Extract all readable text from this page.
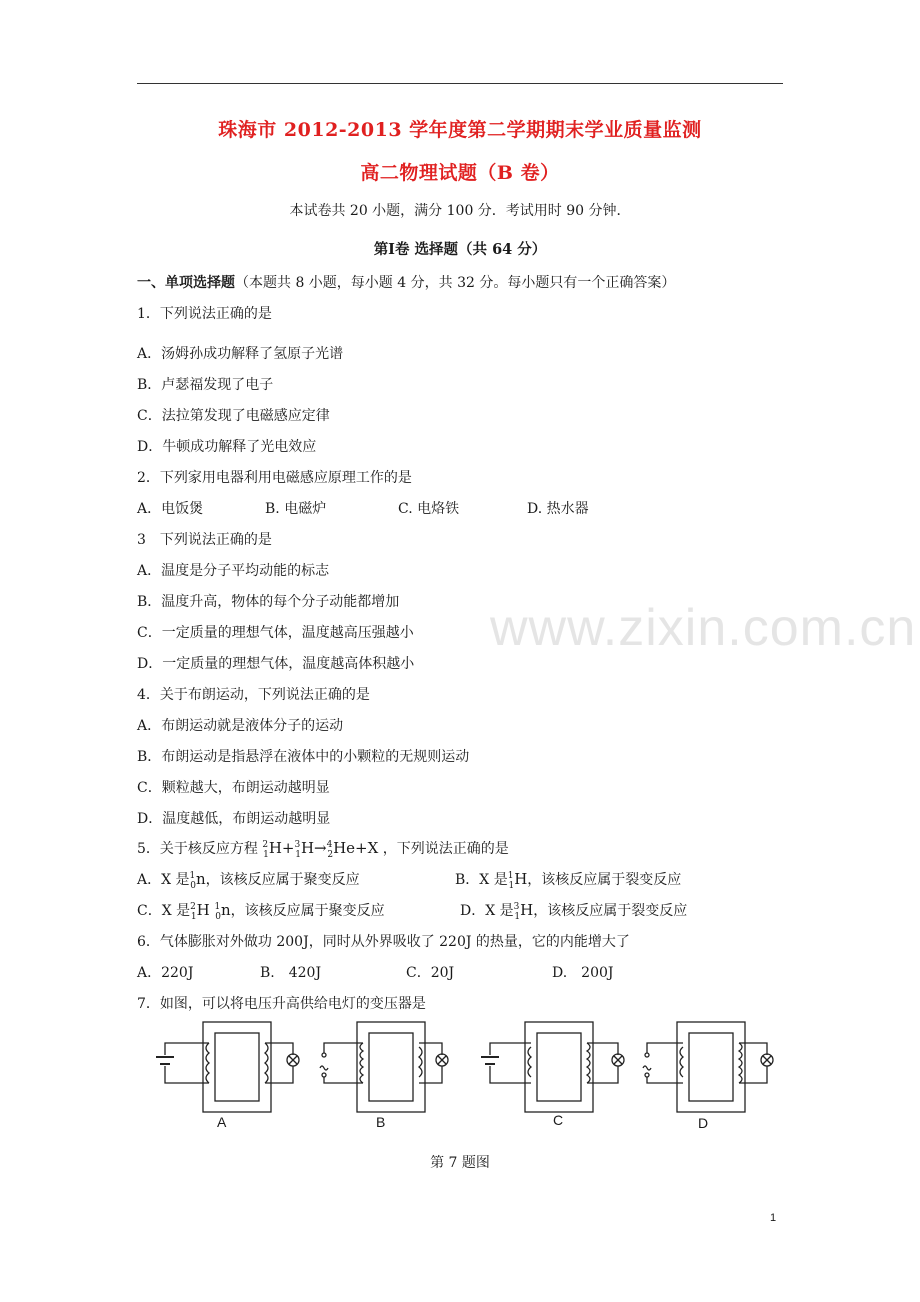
珠海市 2012-2013 学年度第二学期期末学业质量监测
高二物理试题（B 卷）
本试卷共 20 小题，满分 100 分．考试用时 90 分钟．
第Ⅰ卷 选择题（共 64 分）
一、单项选择题（本题共 8 小题，每小题 4 分，共 32 分。每小题只有一个正确答案）
1．下列说法正确的是
A．汤姆孙成功解释了氢原子光谱
B．卢瑟福发现了电子
C．法拉第发现了电磁感应定律
D．牛顿成功解释了光电效应
2．下列家用电器利用电磁感应原理工作的是
A．电饭煲	B. 电磁炉	C. 电烙铁	D. 热水器
3　下列说法正确的是
A．温度是分子平均动能的标志
B．温度升高，物体的每个分子动能都增加
C．一定质量的理想气体，温度越高压强越小
D．一定质量的理想气体，温度越高体积越小
4．关于布朗运动，下列说法正确的是
A．布朗运动就是液体分子的运动
B．布朗运动是指悬浮在液体中的小颗粒的无规则运动
C．颗粒越大，布朗运动越明显
D．温度越低，布朗运动越明显
5．关于核反应方程 $^2_1$H+$^3_1$H→$^4_2$He+X ，下列说法正确的是
A．X 是$^1_0$n，该核反应属于聚变反应	B．X 是$^1_1$H，该核反应属于裂变反应
C．X 是$^2_1$H $^1_0$n，该核反应属于聚变反应	D．X 是$^3_1$H，该核反应属于裂变反应
6．气体膨胀对外做功 200J，同时从外界吸收了 220J 的热量，它的内能增大了
A．220J	B.　420J	C．20J	D.　200J
7．如图，可以将电压升高供给电灯的变压器是
A	B	C	D
第 7 题图
www.zixin.com.cn
1
